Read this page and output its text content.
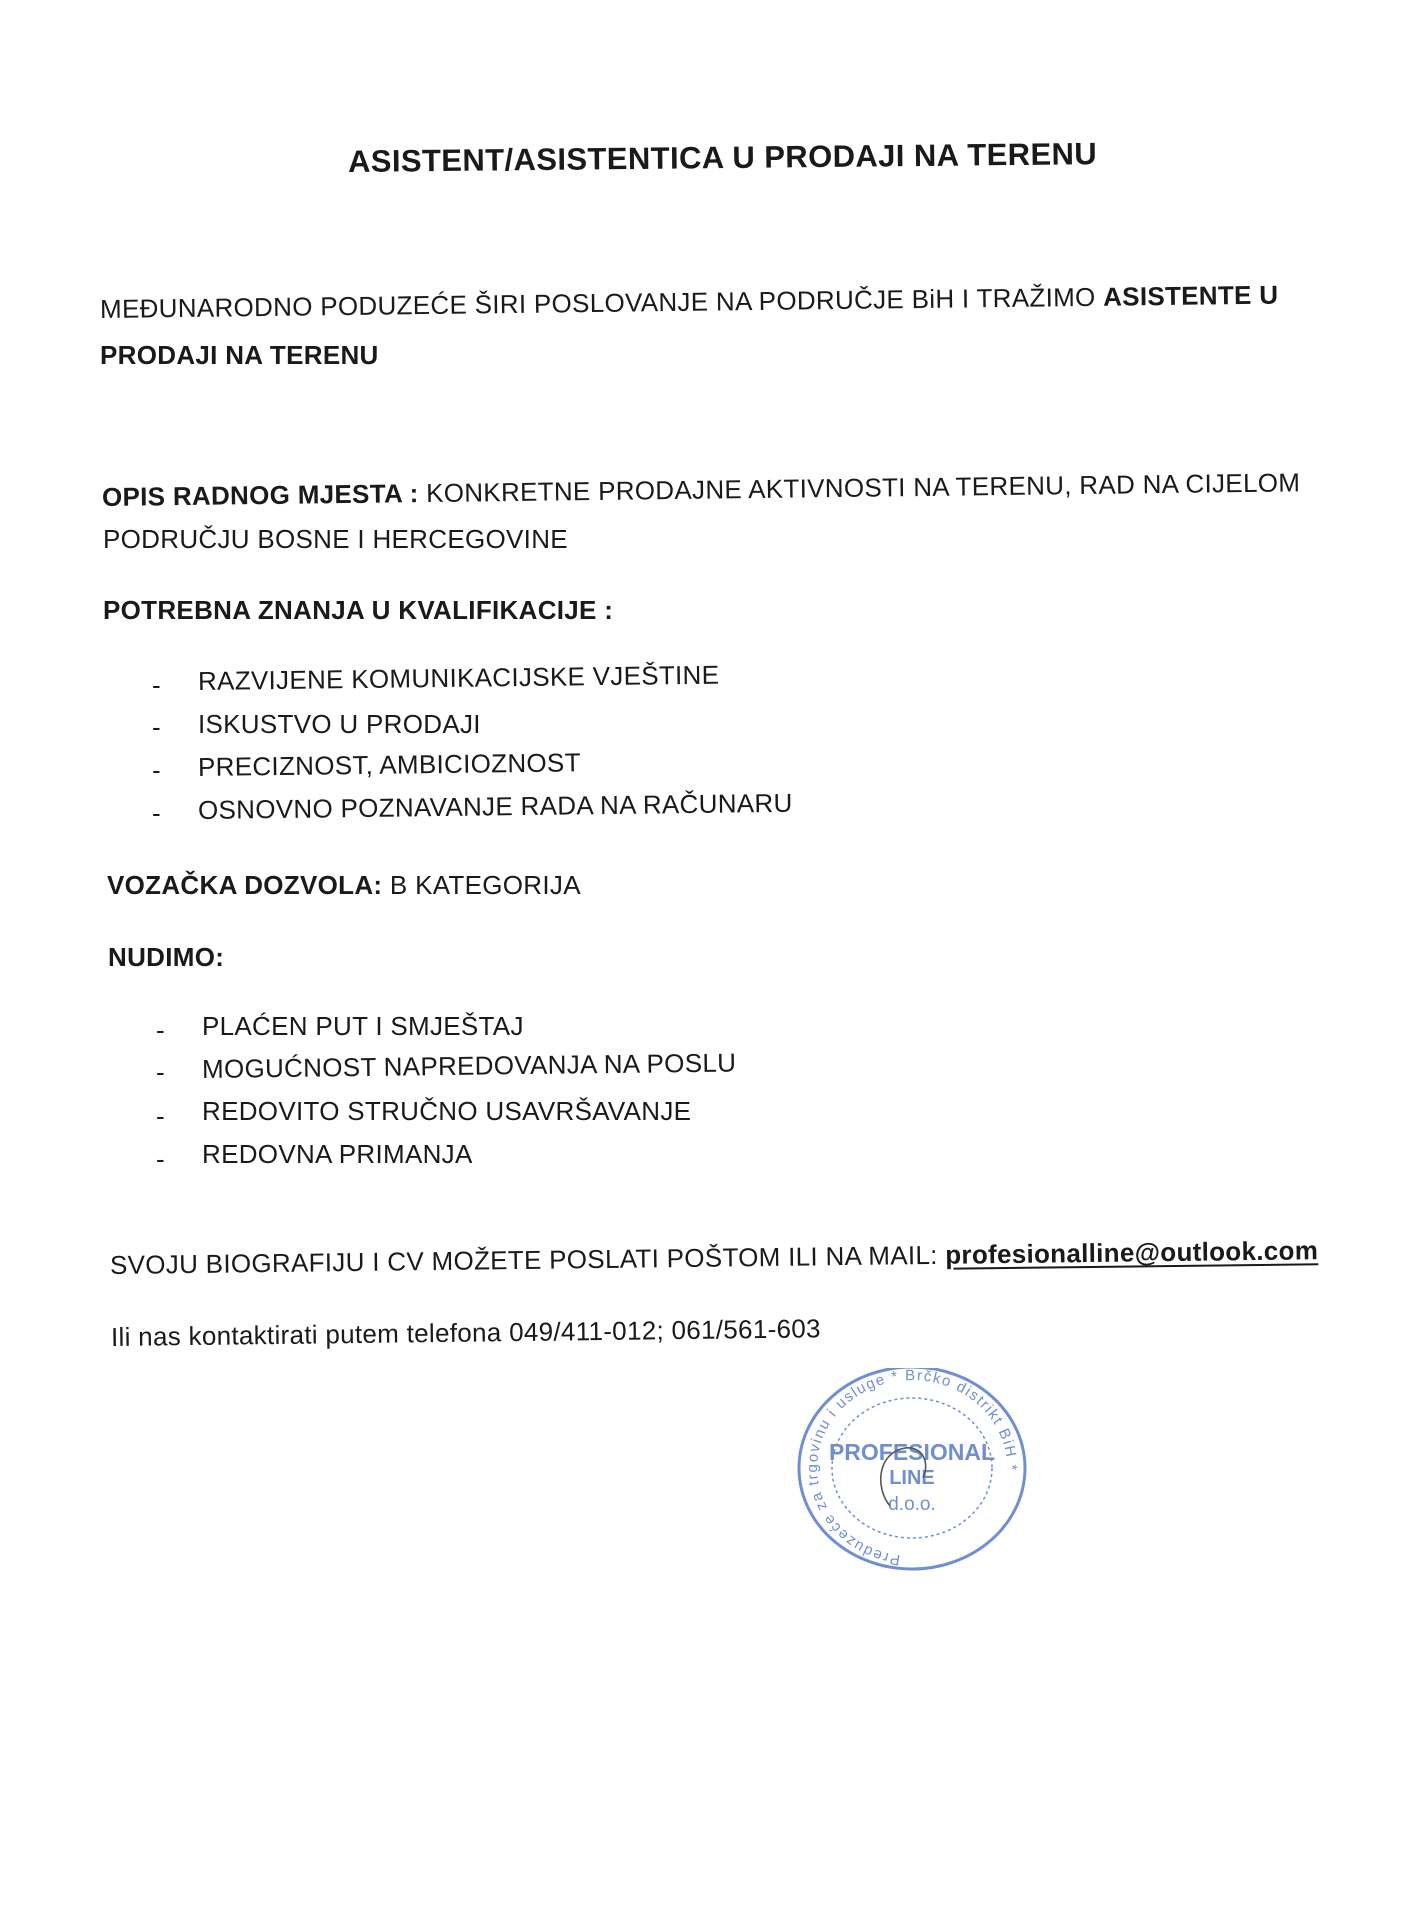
ASISTENT/ASISTENTICA U PRODAJI NA TERENU
MEĐUNARODNO PODUZEĆE ŠIRI POSLOVANJE NA PODRUČJE BiH I TRAŽIMO ASISTENTE U
PRODAJI NA TERENU
OPIS RADNOG MJESTA : KONKRETNE PRODAJNE AKTIVNOSTI NA TERENU, RAD NA CIJELOM
PODRUČJU BOSNE I HERCEGOVINE
POTREBNA ZNANJA U KVALIFIKACIJE :
- RAZVIJENE KOMUNIKACIJSKE VJEŠTINE
- ISKUSTVO U PRODAJI
- PRECIZNOST, AMBICIOZNOST
- OSNOVNO POZNAVANJE RADA NA RAČUNARU
VOZAČKA DOZVOLA: B KATEGORIJA
NUDIMO:
- PLAĆEN PUT I SMJEŠTAJ
- MOGUĆNOST NAPREDOVANJA NA POSLU
- REDOVITO STRUČNO USAVRŠAVANJE
- REDOVNA PRIMANJA
SVOJU BIOGRAFIJU I CV MOŽETE POSLATI POŠTOM ILI NA MAIL: profesionalline@outlook.com
Ili nas kontaktirati putem telefona 049/411-012; 061/561-603
Preduzeće za trgovinu i usluge * Brčko distrikt BiH *
PROFESIONAL
LINE
d.o.o.
